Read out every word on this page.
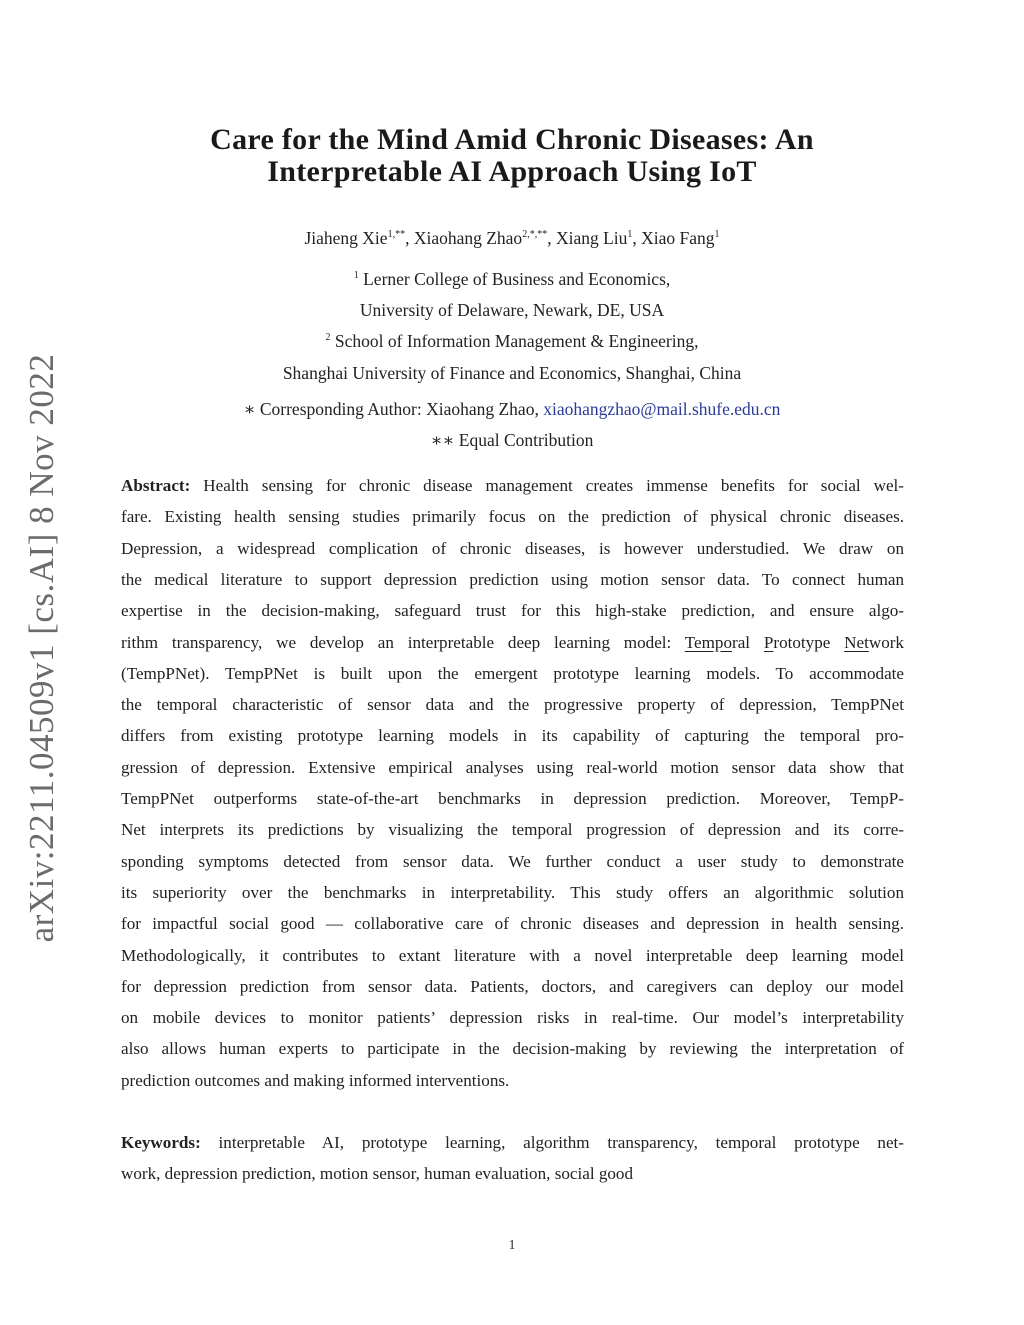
arXiv:2211.04509v1 [cs.AI] 8 Nov 2022
Care for the Mind Amid Chronic Diseases: An
Interpretable AI Approach Using IoT
Jiaheng Xie$^{1,**}$, Xiaohang Zhao$^{2,*,**}$, Xiang Liu$^1$, Xiao Fang$^1$
$^1$ Lerner College of Business and Economics,
University of Delaware, Newark, DE, USA
$^2$ School of Information Management & Engineering,
Shanghai University of Finance and Economics, Shanghai, China
∗ Corresponding Author: Xiaohang Zhao, xiaohangzhao@mail.shufe.edu.cn
∗∗ Equal Contribution
Abstract: Health sensing for chronic disease management creates immense benefits for social wel-
fare. Existing health sensing studies primarily focus on the prediction of physical chronic diseases.
Depression, a widespread complication of chronic diseases, is however understudied. We draw on
the medical literature to support depression prediction using motion sensor data. To connect human
expertise in the decision-making, safeguard trust for this high-stake prediction, and ensure algo-
rithm transparency, we develop an interpretable deep learning model: Temporal Prototype Network
(TempPNet). TempPNet is built upon the emergent prototype learning models. To accommodate
the temporal characteristic of sensor data and the progressive property of depression, TempPNet
differs from existing prototype learning models in its capability of capturing the temporal pro-
gression of depression. Extensive empirical analyses using real-world motion sensor data show that
TempPNet outperforms state-of-the-art benchmarks in depression prediction. Moreover, TempP-
Net interprets its predictions by visualizing the temporal progression of depression and its corre-
sponding symptoms detected from sensor data. We further conduct a user study to demonstrate
its superiority over the benchmarks in interpretability. This study offers an algorithmic solution
for impactful social good — collaborative care of chronic diseases and depression in health sensing.
Methodologically, it contributes to extant literature with a novel interpretable deep learning model
for depression prediction from sensor data. Patients, doctors, and caregivers can deploy our model
on mobile devices to monitor patients’ depression risks in real-time. Our model’s interpretability
also allows human experts to participate in the decision-making by reviewing the interpretation of
prediction outcomes and making informed interventions.
Keywords: interpretable AI, prototype learning, algorithm transparency, temporal prototype net-
work, depression prediction, motion sensor, human evaluation, social good
1
